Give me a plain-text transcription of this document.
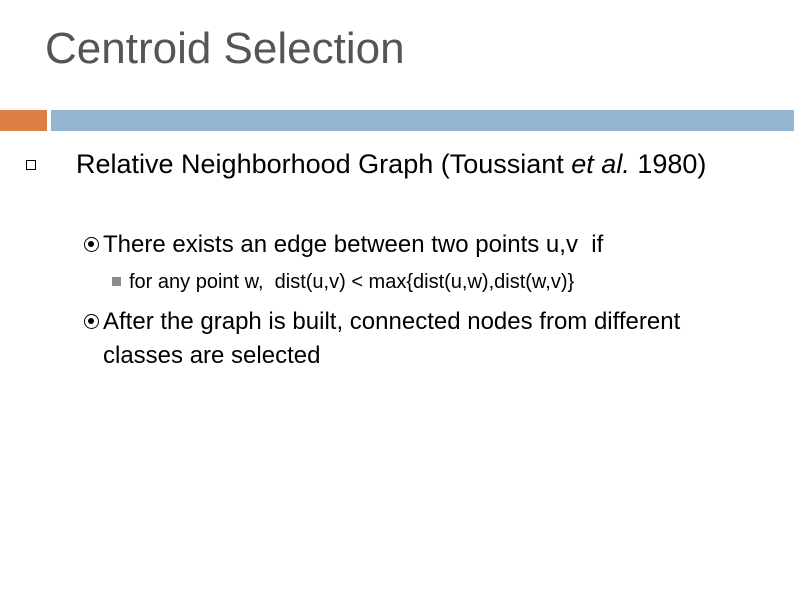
Centroid Selection
Relative Neighborhood Graph (Toussiant et al. 1980)
There exists an edge between two points u,v  if
for any point w,  dist(u,v) < max{dist(u,w),dist(w,v)}
After the graph is built, connected nodes from different classes are selected
